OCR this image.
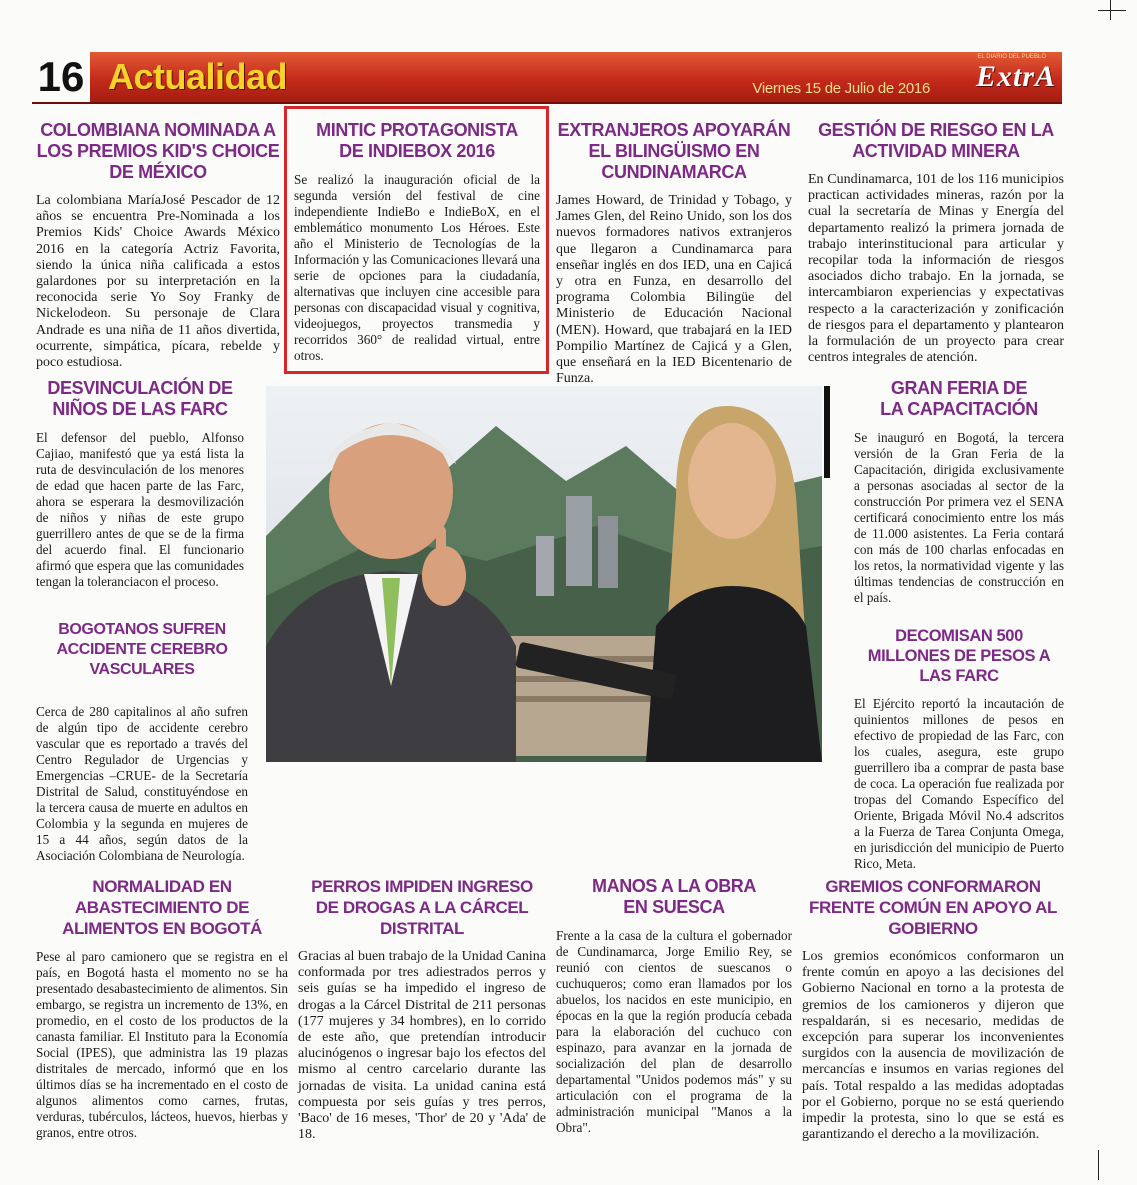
16 Actualidad	Viernes 15 de Julio de 2016
EL DIARIO DEL PUEBLO
ExtrA
COLOMBIANA NOMINADA A LOS PREMIOS KID'S CHOICE DE MÉXICO

La colombiana MaríaJosé Pescador de 12 años se encuentra Pre-Nominada a los Premios Kids' Choice Awards México 2016 en la categoría Actriz Favorita, siendo la única niña calificada a estos galardones por su interpretación en la reconocida serie Yo Soy Franky de Nickelodeon. Su personaje de Clara Andrade es una niña de 11 años divertida, ocurrente, simpática, pícara, rebelde y poco estudiosa.

MINTIC PROTAGONISTA DE INDIEBOX 2016

Se realizó la inauguración oficial de la segunda versión del festival de cine independiente IndieBo e IndieBoX, en el emblemático monumento Los Héroes. Este año el Ministerio de Tecnologías de la Información y las Comunicaciones llevará una serie de opciones para la ciudadanía, alternativas que incluyen cine accesible para personas con discapacidad visual y cognitiva, videojuegos, proyectos transmedia y recorridos 360° de realidad virtual, entre otros.

EXTRANJEROS APOYARÁN EL BILINGÜISMO EN CUNDINAMARCA

James Howard, de Trinidad y Tobago, y James Glen, del Reino Unido, son los dos nuevos formadores nativos extranjeros que llegaron a Cundinamarca para enseñar inglés en dos IED, una en Cajicá y otra en Funza, en desarrollo del programa Colombia Bilingüe del Ministerio de Educación Nacional (MEN). Howard, que trabajará en la IED Pompilio Martínez de Cajicá y a Glen, que enseñará en la IED Bicentenario de Funza.

GESTIÓN DE RIESGO EN LA ACTIVIDAD MINERA

En Cundinamarca, 101 de los 116 municipios practican actividades mineras, razón por la cual la secretaría de Minas y Energía del departamento realizó la primera jornada de trabajo interinstitucional para articular y recopilar toda la información de riesgos asociados dicho trabajo. En la jornada, se intercambiaron experiencias y expectativas respecto a la caracterización y zonificación de riesgos para el departamento y plantearon la formulación de un proyecto para crear centros integrales de atención.

DESVINCULACIÓN DE NIÑOS DE LAS FARC

El defensor del pueblo, Alfonso Cajiao, manifestó que ya está lista la ruta de desvinculación de los menores de edad que hacen parte de las Farc, ahora se esperara la desmovilización de niños y niñas de este grupo guerrillero antes de que se de la firma del acuerdo final. El funcionario afirmó que espera que las comunidades tengan la toleranciacon el proceso.

BOGOTANOS SUFREN ACCIDENTE CEREBRO VASCULARES

Cerca de 280 capitalinos al año sufren de algún tipo de accidente cerebro vascular que es reportado a través del Centro Regulador de Urgencias y Emergencias –CRUE- de la Secretaría Distrital de Salud, constituyéndose en la tercera causa de muerte en adultos en Colombia y la segunda en mujeres de 15 a 44 años, según datos de la Asociación Colombiana de Neurología.

GRAN FERIA DE LA CAPACITACIÓN

Se inauguró en Bogotá, la tercera versión de la Gran Feria de la Capacitación, dirigida exclusivamente a personas asociadas al sector de la construcción Por primera vez el SENA certificará conocimiento entre los más de 11.000 asistentes. La Feria contará con más de 100 charlas enfocadas en los retos, la normatividad vigente y las últimas tendencias de construcción en el país.

DECOMISAN 500 MILLONES DE PESOS A LAS FARC

El Ejército reportó la incautación de quinientos millones de pesos en efectivo de propiedad de las Farc, con los cuales, asegura, este grupo guerrillero iba a comprar de pasta base de coca. La operación fue realizada por tropas del Comando Específico del Oriente, Brigada Móvil No.4 adscritos a la Fuerza de Tarea Conjunta Omega, en jurisdicción del municipio de Puerto Rico, Meta.

NORMALIDAD EN ABASTECIMIENTO DE ALIMENTOS EN BOGOTÁ

Pese al paro camionero que se registra en el país, en Bogotá hasta el momento no se ha presentado desabastecimiento de alimentos. Sin embargo, se registra un incremento de 13%, en promedio, en el costo de los productos de la canasta familiar. El Instituto para la Economía Social (IPES), que administra las 19 plazas distritales de mercado, informó que en los últimos días se ha incrementado en el costo de algunos alimentos como carnes, frutas, verduras, tubérculos, lácteos, huevos, hierbas y granos, entre otros.

PERROS IMPIDEN INGRESO DE DROGAS A LA CÁRCEL DISTRITAL

Gracias al buen trabajo de la Unidad Canina conformada por tres adiestrados perros y seis guías se ha impedido el ingreso de drogas a la Cárcel Distrital de 211 personas (177 mujeres y 34 hombres), en lo corrido de este año, que pretendían introducir alucinógenos o ingresar bajo los efectos del mismo al centro carcelario durante las jornadas de visita. La unidad canina está compuesta por seis guías y tres perros, 'Baco' de 16 meses, 'Thor' de 20 y 'Ada' de 18.

MANOS A LA OBRA EN SUESCA

Frente a la casa de la cultura el gobernador de Cundinamarca, Jorge Emilio Rey, se reunió con cientos de suescanos o cuchuqueros; como eran llamados por los abuelos, los nacidos en este municipio, en épocas en la que la región producía cebada para la elaboración del cuchuco con espinazo, para avanzar en la jornada de socialización del plan de desarrollo departamental "Unidos podemos más" y su articulación con el programa de la administración municipal "Manos a la Obra".

GREMIOS CONFORMARON FRENTE COMÚN EN APOYO AL GOBIERNO

Los gremios económicos conformaron un frente común en apoyo a las decisiones del Gobierno Nacional en torno a la protesta de gremios de los camioneros y dijeron que respaldarán, si es necesario, medidas de excepción para superar los inconvenientes surgidos con la ausencia de movilización de mercancías e insumos en varias regiones del país. Total respaldo a las medidas adoptadas por el Gobierno, porque no se está queriendo impedir la protesta, sino lo que se está es garantizando el derecho a la movilización.
